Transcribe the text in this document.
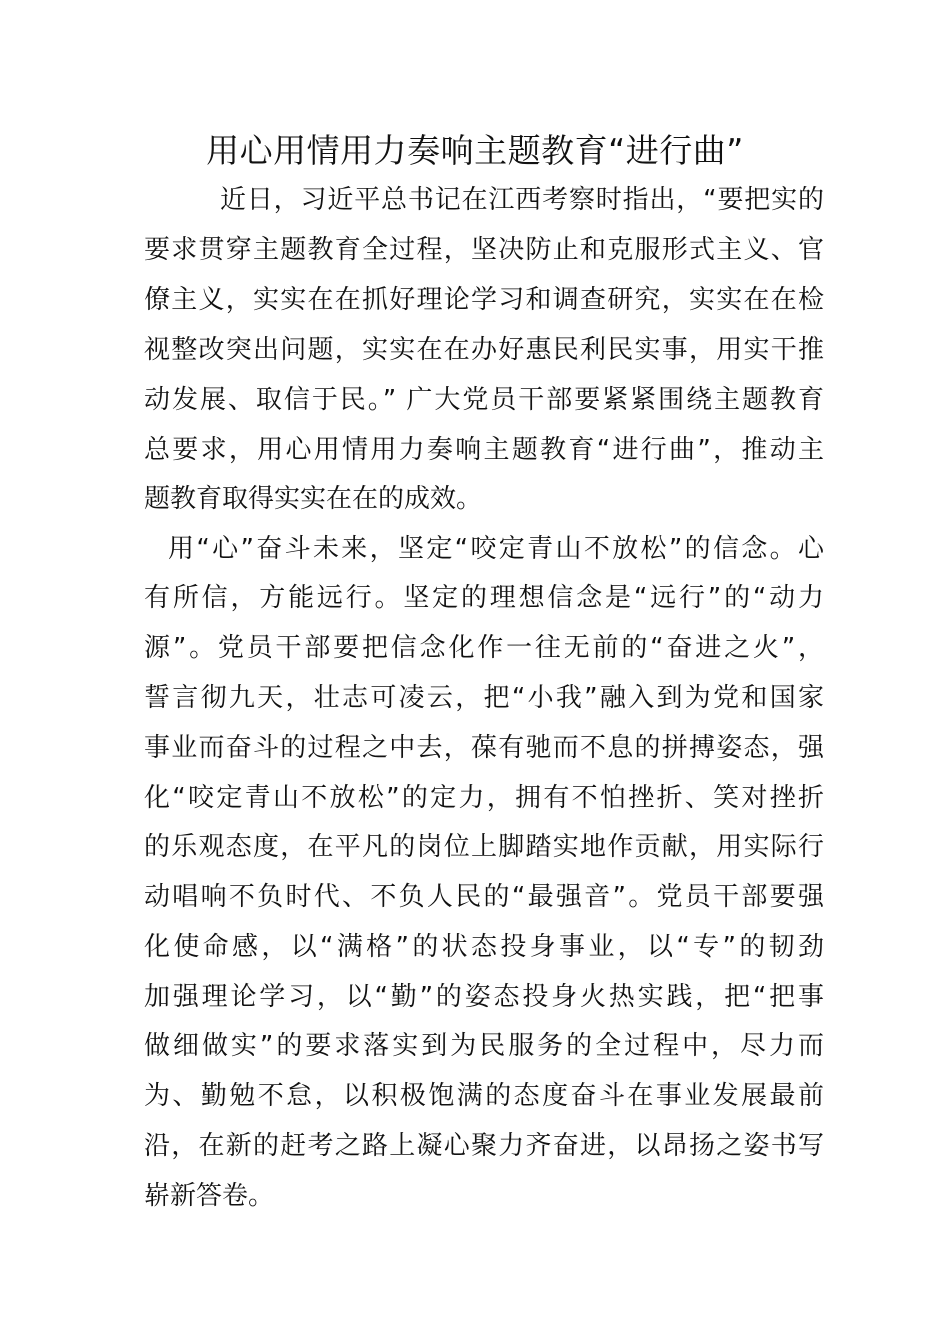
用心用情用力奏响主题教育“进行曲”
近日，习近平总书记在江西考察时指出，“要把实的
要求贯穿主题教育全过程，坚决防止和克服形式主义、官
僚主义，实实在在抓好理论学习和调查研究，实实在在检
视整改突出问题，实实在在办好惠民利民实事，用实干推
动发展、取信于民。” 广大党员干部要紧紧围绕主题教育
总要求，用心用情用力奏响主题教育“进行曲”，推动主
题教育取得实实在在的成效。
用“心”奋斗未来，坚定“咬定青山不放松”的信念。心
有所信，方能远行。坚定的理想信念是“远行”的“动力
源”。党员干部要把信念化作一往无前的“奋进之火”，
誓言彻九天，壮志可凌云，把“小我”融入到为党和国家
事业而奋斗的过程之中去，葆有驰而不息的拼搏姿态，强
化“咬定青山不放松”的定力，拥有不怕挫折、笑对挫折
的乐观态度，在平凡的岗位上脚踏实地作贡献，用实际行
动唱响不负时代、不负人民的“最强音”。党员干部要强
化使命感，以“满格”的状态投身事业，以“专”的韧劲
加强理论学习，以“勤”的姿态投身火热实践，把“把事
做细做实”的要求落实到为民服务的全过程中，尽力而
为、勤勉不怠，以积极饱满的态度奋斗在事业发展最前
沿，在新的赶考之路上凝心聚力齐奋进，以昂扬之姿书写
崭新答卷。
